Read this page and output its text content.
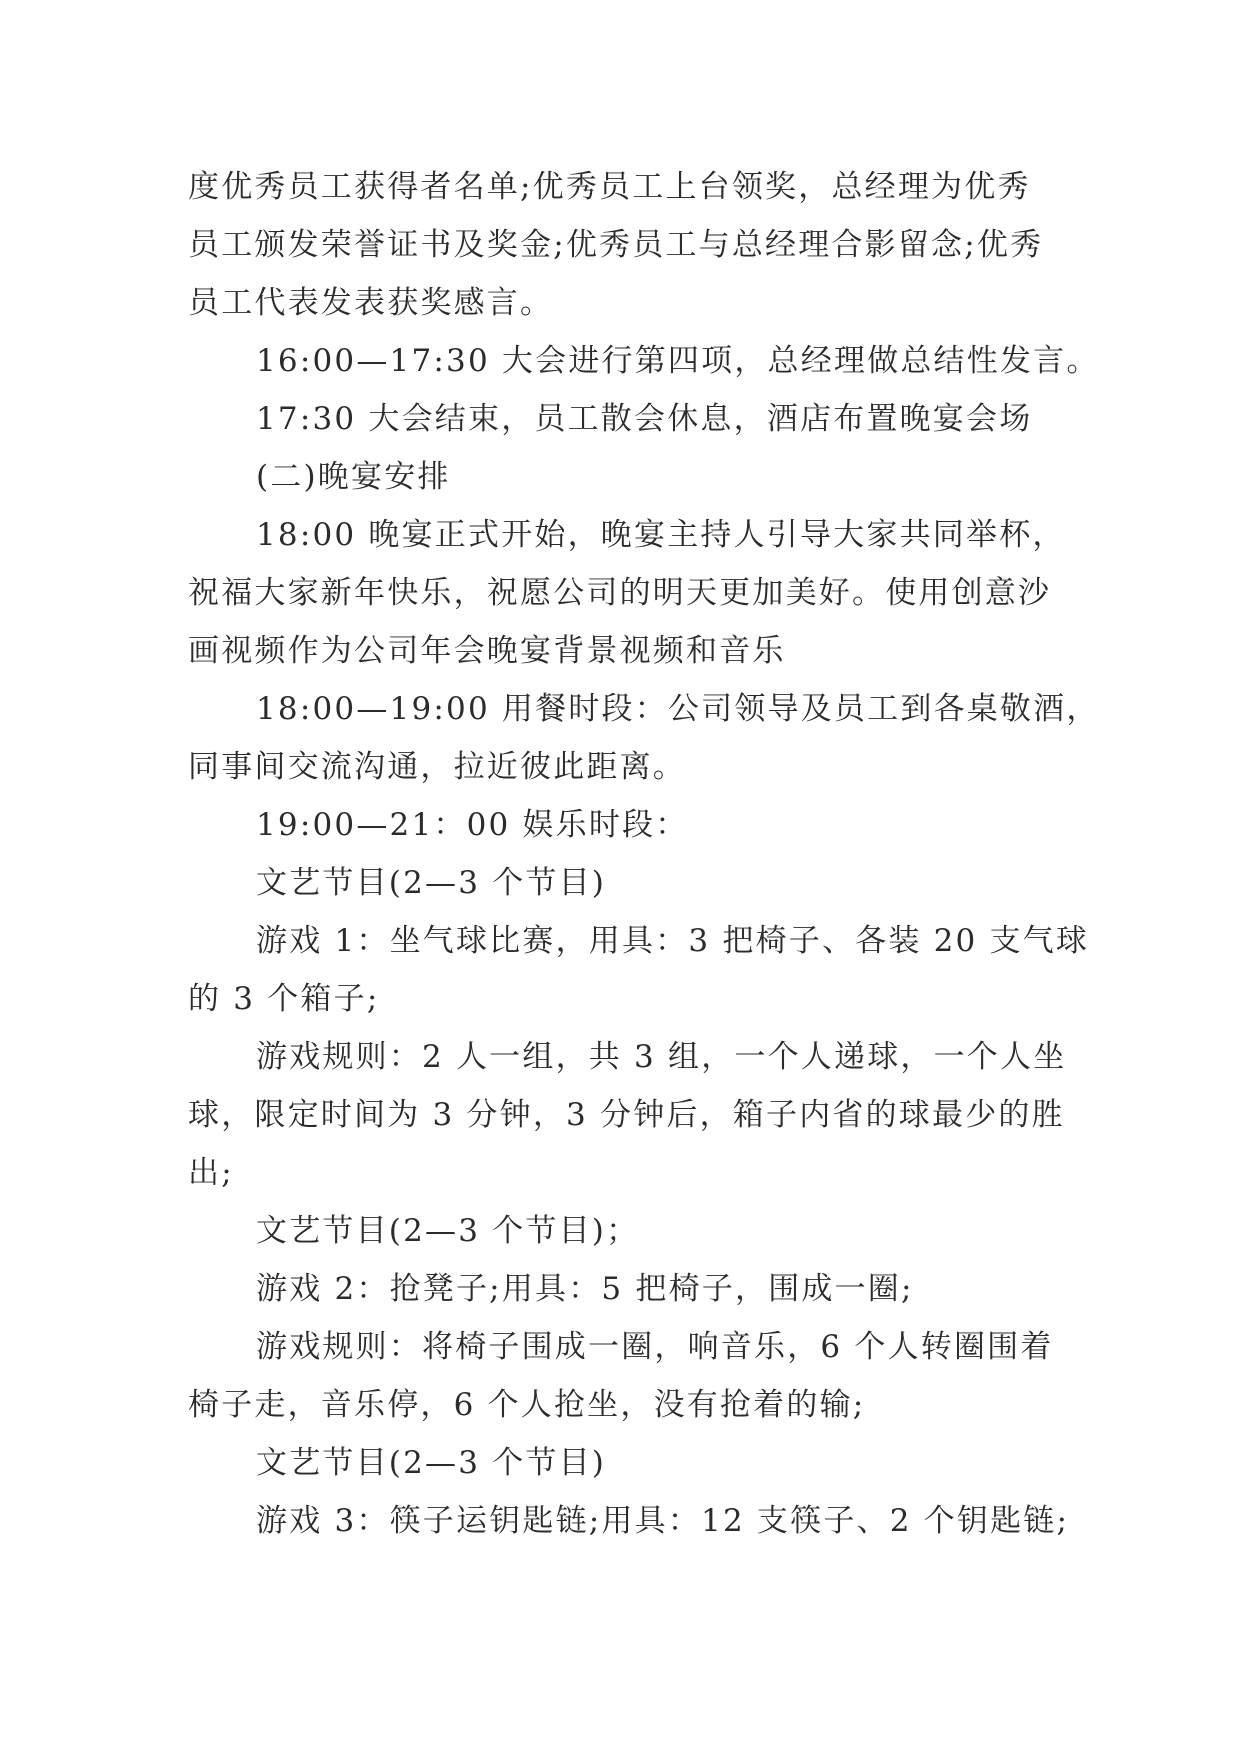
度优秀员工获得者名单;优秀员工上台领奖，总经理为优秀
员工颁发荣誉证书及奖金;优秀员工与总经理合影留念;优秀
员工代表发表获奖感言。
16:00—17:30 大会进行第四项，总经理做总结性发言。
17:30 大会结束，员工散会休息，酒店布置晚宴会场
(二)晚宴安排
18:00 晚宴正式开始，晚宴主持人引导大家共同举杯，
祝福大家新年快乐，祝愿公司的明天更加美好。使用创意沙
画视频作为公司年会晚宴背景视频和音乐
18:00—19:00 用餐时段：公司领导及员工到各桌敬酒，
同事间交流沟通，拉近彼此距离。
19:00—21：00 娱乐时段：
文艺节目(2—3 个节目)
游戏 1：坐气球比赛，用具：3 把椅子、各装 20 支气球
的 3 个箱子;
游戏规则：2 人一组，共 3 组，一个人递球，一个人坐
球，限定时间为 3 分钟，3 分钟后，箱子内省的球最少的胜
出;
文艺节目(2—3 个节目)；
游戏 2：抢凳子;用具：5 把椅子，围成一圈;
游戏规则：将椅子围成一圈，响音乐，6 个人转圈围着
椅子走，音乐停，6 个人抢坐，没有抢着的输;
文艺节目(2—3 个节目)
游戏 3：筷子运钥匙链;用具：12 支筷子、2 个钥匙链;
